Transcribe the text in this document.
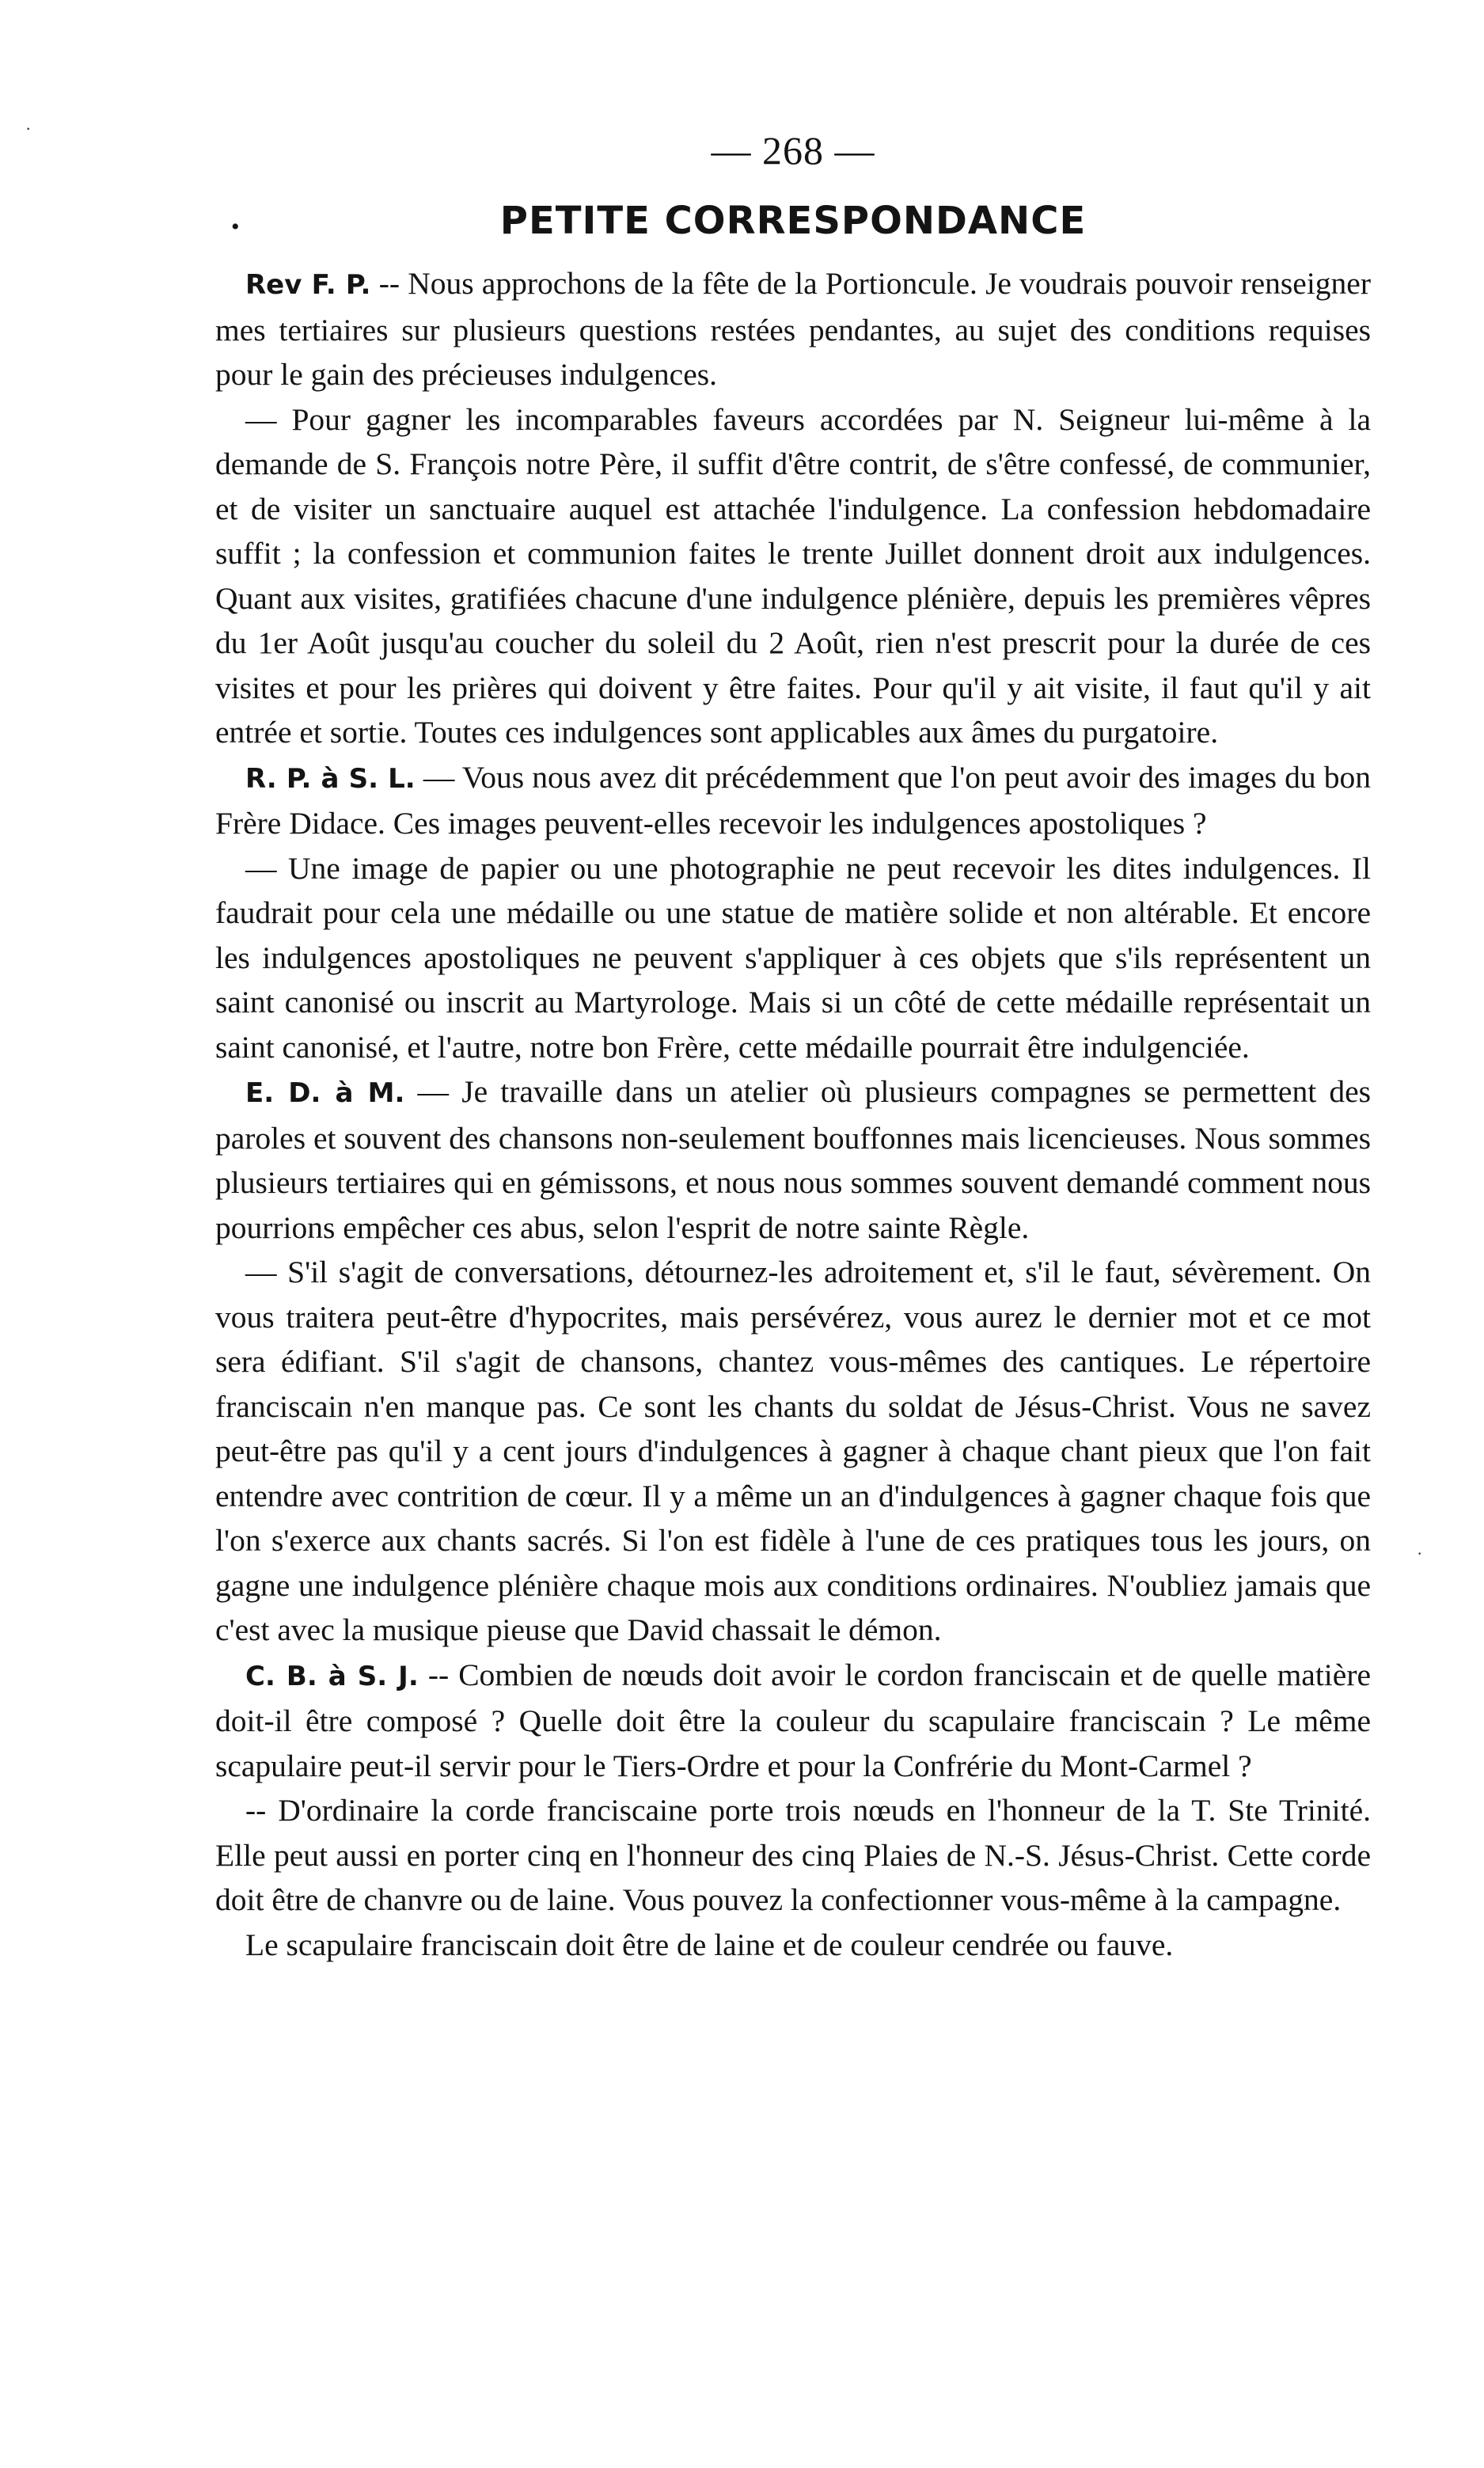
·
·
— 268 —
•	PETITE CORRESPONDANCE

Rev F. P. -- Nous approchons de la fête de la Portioncule. Je voudrais pouvoir renseigner mes tertiaires sur plusieurs questions restées pendantes, au sujet des conditions requises pour le gain des précieuses indulgences.

— Pour gagner les incomparables faveurs accordées par N. Seigneur lui-même à la demande de S. François notre Père, il suffit d'être contrit, de s'être confessé, de communier, et de visiter un sanctuaire auquel est attachée l'indulgence. La confession hebdomadaire suffit ; la confession et communion faites le trente Juillet donnent droit aux indulgences. Quant aux visites, gratifiées chacune d'une indulgence plénière, depuis les premières vêpres du 1er Août jusqu'au coucher du soleil du 2 Août, rien n'est prescrit pour la durée de ces visites et pour les prières qui doivent y être faites. Pour qu'il y ait visite, il faut qu'il y ait entrée et sortie. Toutes ces indulgences sont applicables aux âmes du purgatoire.

R. P. à S. L. — Vous nous avez dit précédemment que l'on peut avoir des images du bon Frère Didace. Ces images peuvent-elles recevoir les indulgences apostoliques ?

— Une image de papier ou une photographie ne peut recevoir les dites indulgences. Il faudrait pour cela une médaille ou une statue de matière solide et non altérable. Et encore les indulgences apostoliques ne peuvent s'appliquer à ces objets que s'ils représentent un saint canonisé ou inscrit au Martyrologe. Mais si un côté de cette médaille représentait un saint canonisé, et l'autre, notre bon Frère, cette médaille pourrait être indulgenciée.

E. D. à M. — Je travaille dans un atelier où plusieurs compagnes se permettent des paroles et souvent des chansons non-seulement bouffonnes mais licencieuses. Nous sommes plusieurs tertiaires qui en gémissons, et nous nous sommes souvent demandé comment nous pourrions empêcher ces abus, selon l'esprit de notre sainte Règle.

— S'il s'agit de conversations, détournez-les adroitement et, s'il le faut, sévèrement. On vous traitera peut-être d'hypocrites, mais persévérez, vous aurez le dernier mot et ce mot sera édifiant. S'il s'agit de chansons, chantez vous-mêmes des cantiques. Le répertoire franciscain n'en manque pas. Ce sont les chants du soldat de Jésus-Christ. Vous ne savez peut-être pas qu'il y a cent jours d'indulgences à gagner à chaque chant pieux que l'on fait entendre avec contrition de cœur. Il y a même un an d'indulgences à gagner chaque fois que l'on s'exerce aux chants sacrés. Si l'on est fidèle à l'une de ces pratiques tous les jours, on gagne une indulgence plénière chaque mois aux conditions ordinaires. N'oubliez jamais que c'est avec la musique pieuse que David chassait le démon.

C. B. à S. J. -- Combien de nœuds doit avoir le cordon franciscain et de quelle matière doit-il être composé ? Quelle doit être la couleur du scapulaire franciscain ? Le même scapulaire peut-il servir pour le Tiers-Ordre et pour la Confrérie du Mont-Carmel ?

-- D'ordinaire la corde franciscaine porte trois nœuds en l'honneur de la T. Ste Trinité. Elle peut aussi en porter cinq en l'honneur des cinq Plaies de N.-S. Jésus-Christ. Cette corde doit être de chanvre ou de laine. Vous pouvez la confectionner vous-même à la campagne.

Le scapulaire franciscain doit être de laine et de couleur cendrée ou fauve.
